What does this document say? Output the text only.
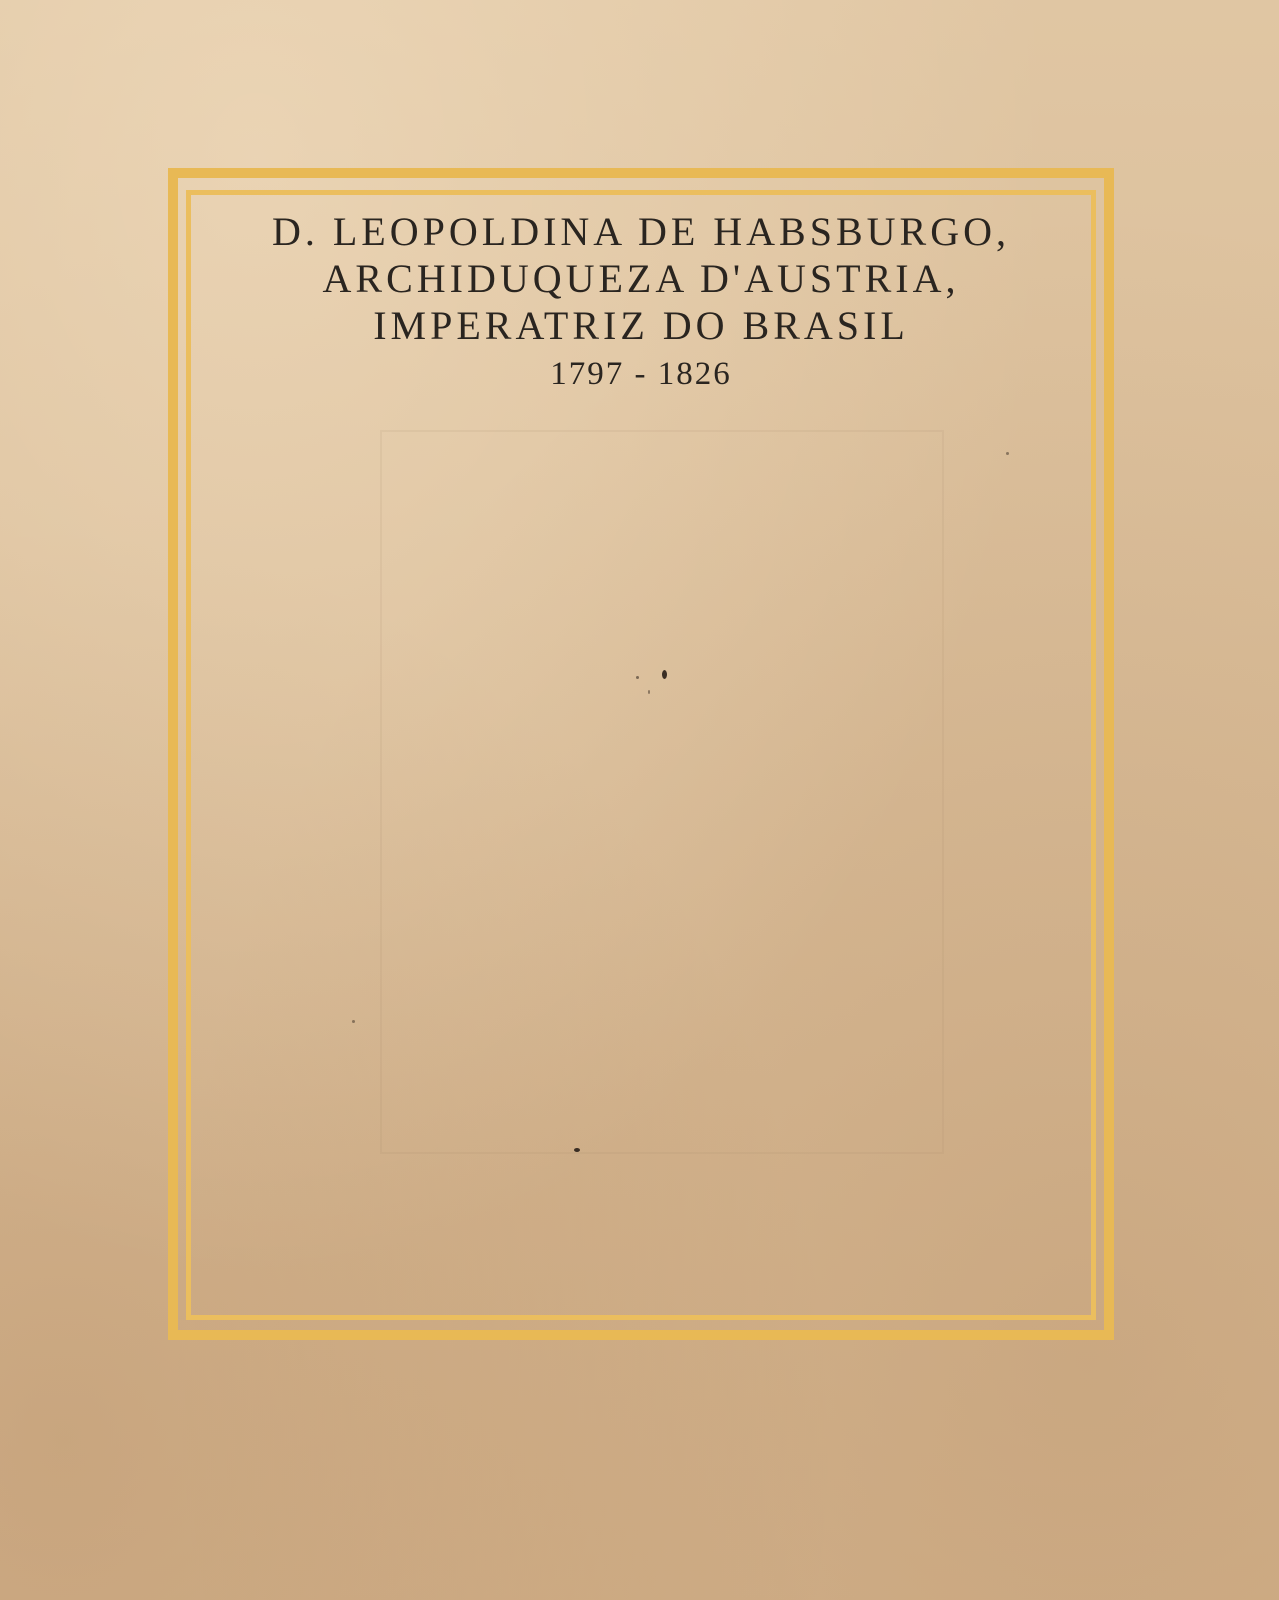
D. LEOPOLDINA DE HABSBURGO,
ARCHIDUQUEZA D'AUSTRIA,
IMPERATRIZ DO BRASIL
1797 - 1826
